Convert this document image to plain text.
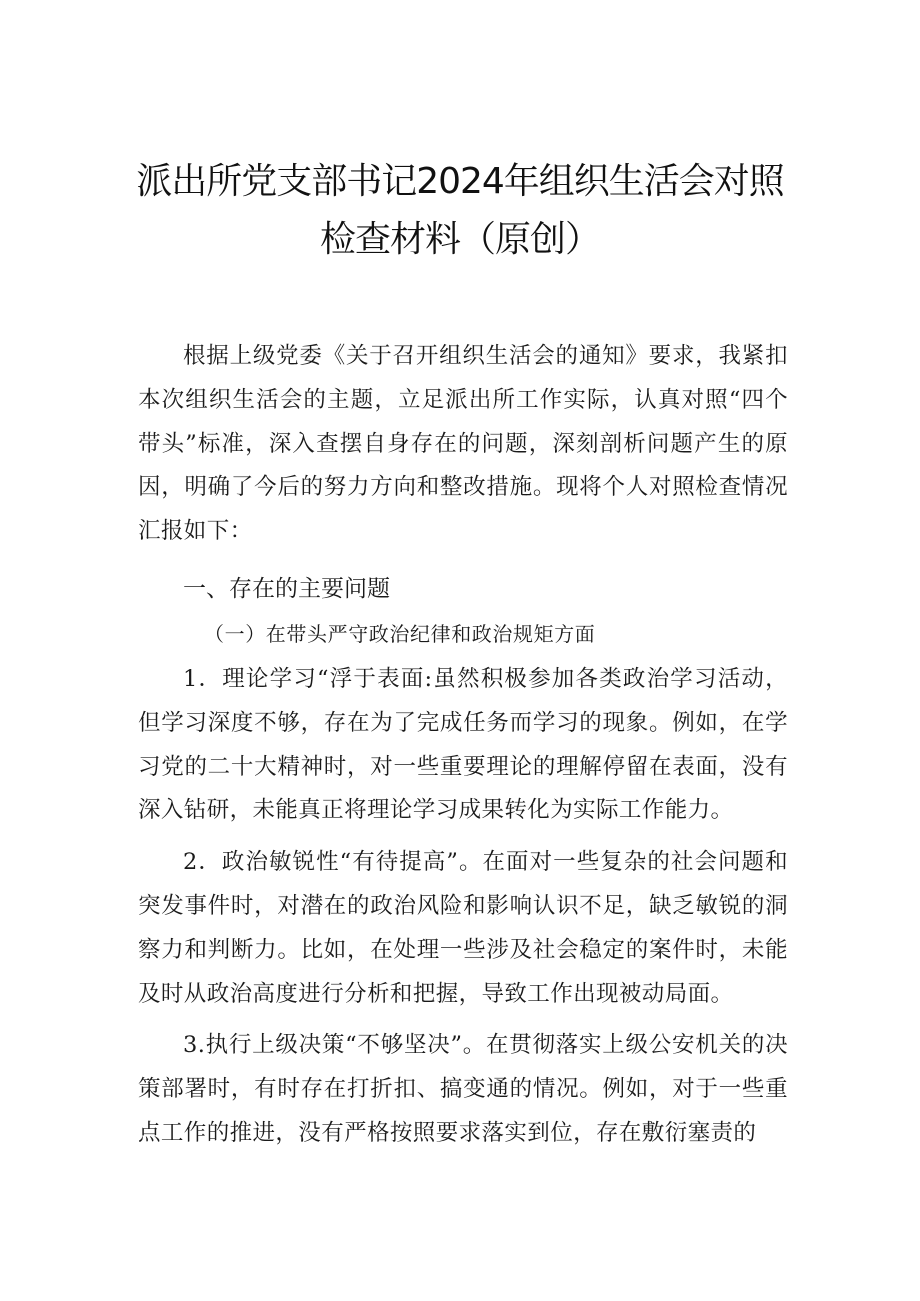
派出所党支部书记2024年组织生活会对照
检查材料（原创）

根据上级党委《关于召开组织生活会的通知》要求，我紧扣本次组织生活会的主题，立足派出所工作实际，认真对照“四个带头”标准，深入查摆自身存在的问题，深刻剖析问题产生的原因，明确了今后的努力方向和整改措施。现将个人对照检查情况汇报如下：

一、存在的主要问题

（一）在带头严守政治纪律和政治规矩方面

1．理论学习“浮于表面:虽然积极参加各类政治学习活动，但学习深度不够，存在为了完成任务而学习的现象。例如，在学习党的二十大精神时，对一些重要理论的理解停留在表面，没有深入钻研，未能真正将理论学习成果转化为实际工作能力。

2．政治敏锐性“有待提高”。在面对一些复杂的社会问题和突发事件时，对潜在的政治风险和影响认识不足，缺乏敏锐的洞察力和判断力。比如，在处理一些涉及社会稳定的案件时，未能及时从政治高度进行分析和把握，导致工作出现被动局面。

3.执行上级决策“不够坚决”。在贯彻落实上级公安机关的决策部署时，有时存在打折扣、搞变通的情况。例如，对于一些重点工作的推进，没有严格按照要求落实到位，存在敷衍塞责的
